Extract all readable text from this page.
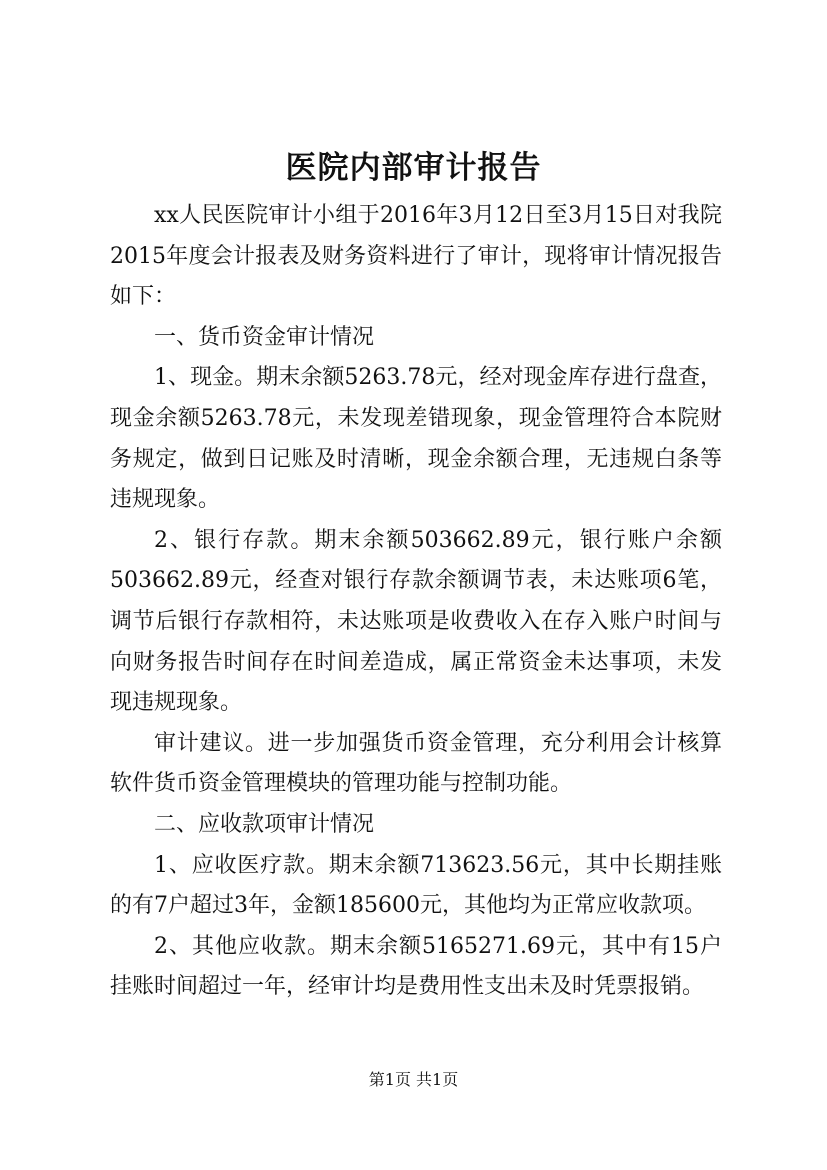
医院内部审计报告

xx人民医院审计小组于2016年3月12日至3月15日对我院2015年度会计报表及财务资料进行了审计，现将审计情况报告如下：

一、货币资金审计情况

1、现金。期末余额5263.78元，经对现金库存进行盘查，现金余额5263.78元，未发现差错现象，现金管理符合本院财务规定，做到日记账及时清晰，现金余额合理，无违规白条等违规现象。

2、银行存款。期末余额503662.89元，银行账户余额503662.89元，经查对银行存款余额调节表，未达账项6笔，调节后银行存款相符，未达账项是收费收入在存入账户时间与向财务报告时间存在时间差造成，属正常资金未达事项，未发现违规现象。

审计建议。进一步加强货币资金管理，充分利用会计核算软件货币资金管理模块的管理功能与控制功能。

二、应收款项审计情况

1、应收医疗款。期末余额713623.56元，其中长期挂账的有7户超过3年，金额185600元，其他均为正常应收款项。

2、其他应收款。期末余额5165271.69元，其中有15户挂账时间超过一年，经审计均是费用性支出未及时凭票报销。

第1页 共1页
